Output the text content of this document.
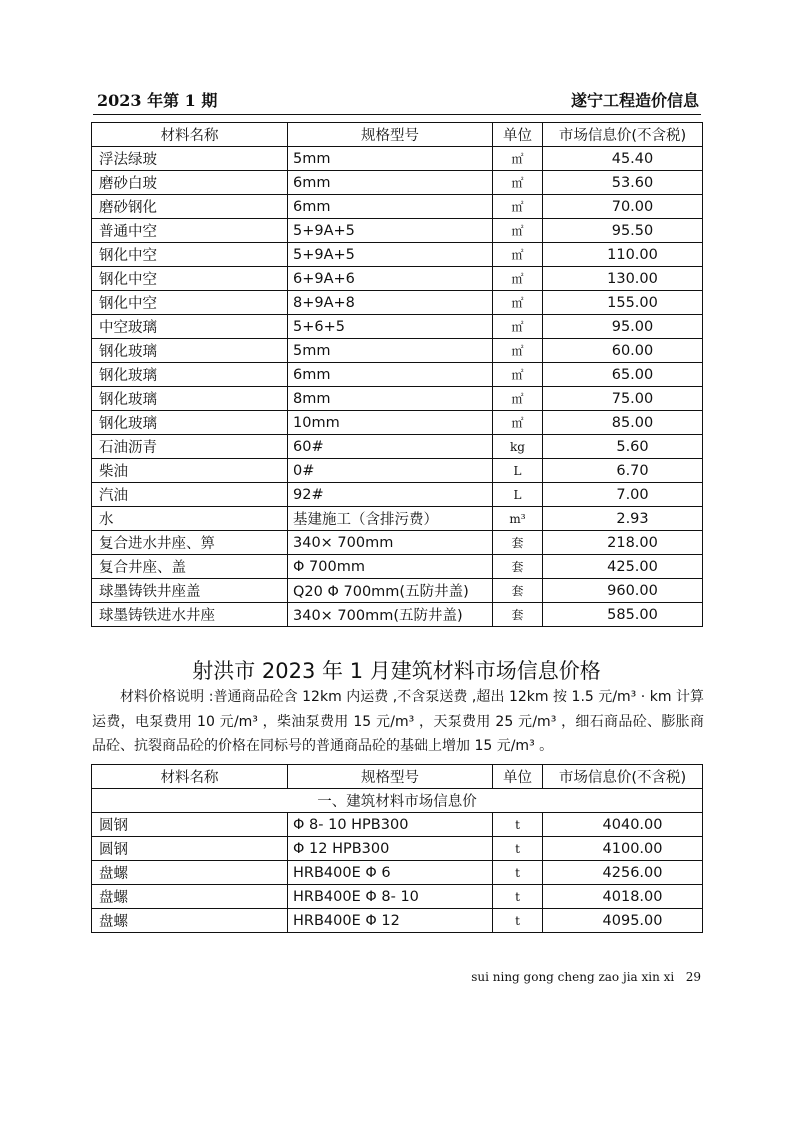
2023 年第 1 期	遂宁工程造价信息
材料名称	规格型号	单位	市场信息价(不含税)
浮法绿玻	5mm	㎡	45.40
磨砂白玻	6mm	㎡	53.60
磨砂钢化	6mm	㎡	70.00
普通中空	5+9A+5	㎡	95.50
钢化中空	5+9A+5	㎡	110.00
钢化中空	6+9A+6	㎡	130.00
钢化中空	8+9A+8	㎡	155.00
中空玻璃	5+6+5	㎡	95.00
钢化玻璃	5mm	㎡	60.00
钢化玻璃	6mm	㎡	65.00
钢化玻璃	8mm	㎡	75.00
钢化玻璃	10mm	㎡	85.00
石油沥青	60#	kg	5.60
柴油	0#	L	6.70
汽油	92#	L	7.00
水	基建施工（含排污费）	m³	2.93
复合进水井座、箅	340× 700mm	套	218.00
复合井座、盖	Φ 700mm	套	425.00
球墨铸铁井座盖	Q20 Φ 700mm(五防井盖)	套	960.00
球墨铸铁进水井座	340× 700mm(五防井盖)	套	585.00
射洪市 2023 年 1 月建筑材料市场信息价格
材料价格说明 :普通商品砼含 12km 内运费 ,不含泵送费 ,超出 12km 按 1.5 元/m³ · km 计算运费，电泵费用 10 元/m³ ，柴油泵费用 15 元/m³ ，天泵费用 25 元/m³ ，细石商品砼、膨胀商品砼、抗裂商品砼的价格在同标号的普通商品砼的基础上增加 15 元/m³ 。
材料名称	规格型号	单位	市场信息价(不含税)
一、建筑材料市场信息价			
圆钢	Φ 8- 10 HPB300	t	4040.00
圆钢	Φ 12 HPB300	t	4100.00
盘螺	HRB400E Φ 6	t	4256.00
盘螺	HRB400E Φ 8- 10	t	4018.00
盘螺	HRB400E Φ 12	t	4095.00
sui ning gong cheng zao jia xin xi 29
